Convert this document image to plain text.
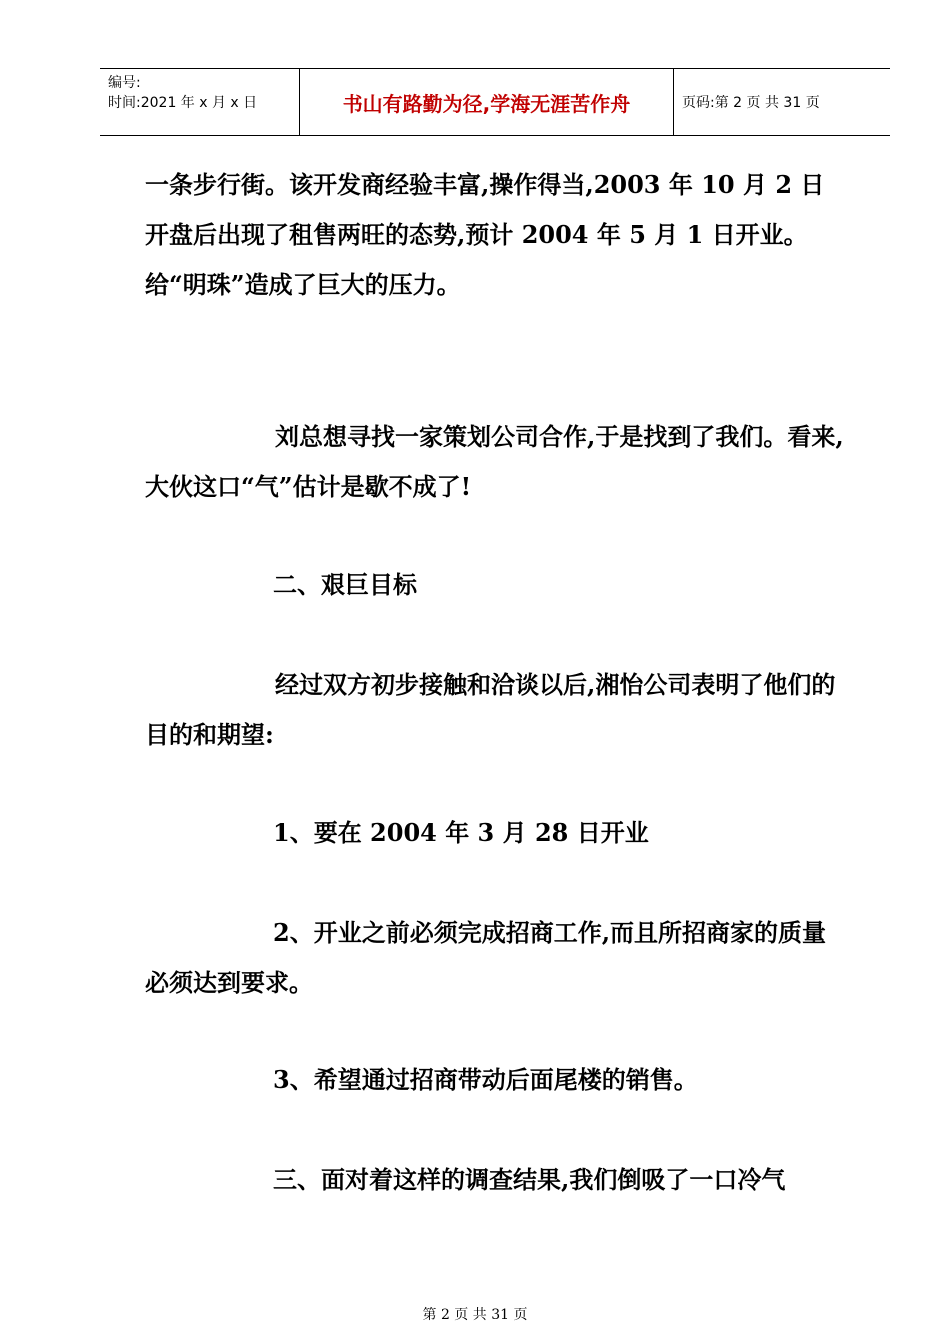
编号:
时间:2021 年 x 月 x 日	书山有路勤为径,学海无涯苦作舟	页码:第 2 页 共 31 页

一条步行街。该开发商经验丰富,操作得当,2003 年 10 月 2 日开盘后出现了租售两旺的态势,预计 2004 年 5 月 1 日开业。给“明珠”造成了巨大的压力。

刘总想寻找一家策划公司合作,于是找到了我们。看来,大伙这口“气”估计是歇不成了!

二、艰巨目标

经过双方初步接触和洽谈以后,湘怡公司表明了他们的目的和期望:

1、要在 2004 年 3 月 28 日开业

2、开业之前必须完成招商工作,而且所招商家的质量必须达到要求。

3、希望通过招商带动后面尾楼的销售。

三、面对着这样的调查结果,我们倒吸了一口冷气

第 2 页 共 31 页
